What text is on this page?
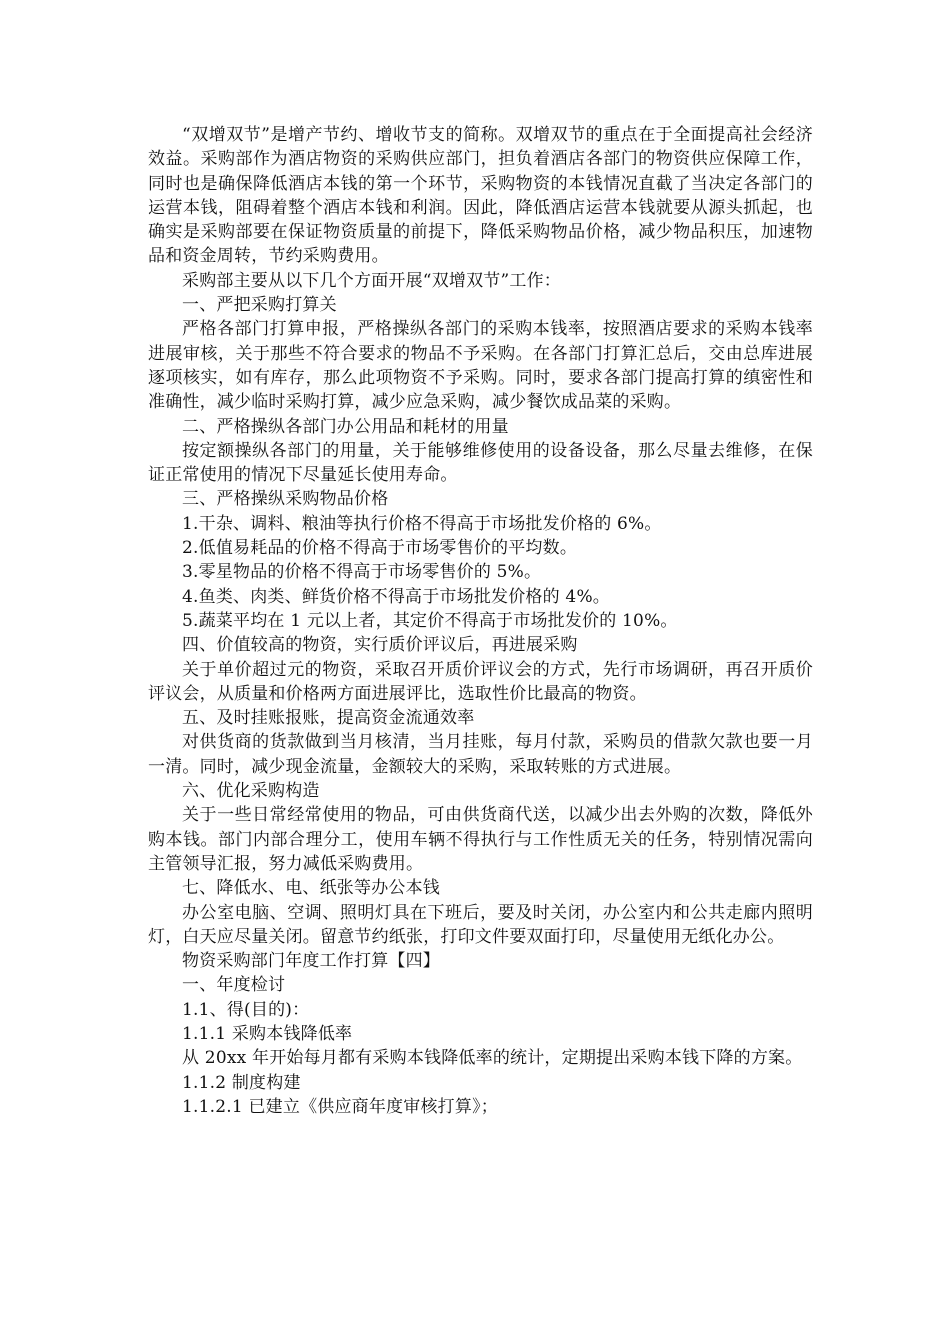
“双增双节”是增产节约、增收节支的简称。双增双节的重点在于全面提高社会经济效益。采购部作为酒店物资的采购供应部门，担负着酒店各部门的物资供应保障工作，同时也是确保降低酒店本钱的第一个环节，采购物资的本钱情况直截了当决定各部门的运营本钱，阻碍着整个酒店本钱和利润。因此，降低酒店运营本钱就要从源头抓起，也确实是采购部要在保证物资质量的前提下，降低采购物品价格，减少物品积压，加速物品和资金周转，节约采购费用。

采购部主要从以下几个方面开展“双增双节”工作：

一、严把采购打算关

严格各部门打算申报，严格操纵各部门的采购本钱率，按照酒店要求的采购本钱率进展审核，关于那些不符合要求的物品不予采购。在各部门打算汇总后，交由总库进展逐项核实，如有库存，那么此项物资不予采购。同时，要求各部门提高打算的缜密性和准确性，减少临时采购打算，减少应急采购，减少餐饮成品菜的采购。

二、严格操纵各部门办公用品和耗材的用量

按定额操纵各部门的用量，关于能够维修使用的设备设备，那么尽量去维修，在保证正常使用的情况下尽量延长使用寿命。

三、严格操纵采购物品价格

1.干杂、调料、粮油等执行价格不得高于市场批发价格的 6%。

2.低值易耗品的价格不得高于市场零售价的平均数。

3.零星物品的价格不得高于市场零售价的 5%。

4.鱼类、肉类、鲜货价格不得高于市场批发价格的 4%。

5.蔬菜平均在 1 元以上者，其定价不得高于市场批发价的 10%。

四、价值较高的物资，实行质价评议后，再进展采购

关于单价超过元的物资，采取召开质价评议会的方式，先行市场调研，再召开质价评议会，从质量和价格两方面进展评比，选取性价比最高的物资。

五、及时挂账报账，提高资金流通效率

对供货商的货款做到当月核清，当月挂账，每月付款，采购员的借款欠款也要一月一清。同时，减少现金流量，金额较大的采购，采取转账的方式进展。

六、优化采购构造

关于一些日常经常使用的物品，可由供货商代送，以减少出去外购的次数，降低外购本钱。部门内部合理分工，使用车辆不得执行与工作性质无关的任务，特别情况需向主管领导汇报，努力减低采购费用。

七、降低水、电、纸张等办公本钱

办公室电脑、空调、照明灯具在下班后，要及时关闭，办公室内和公共走廊内照明灯，白天应尽量关闭。留意节约纸张，打印文件要双面打印，尽量使用无纸化办公。

物资采购部门年度工作打算【四】

一、年度检讨

1.1、得(目的)：

1.1.1 采购本钱降低率

从 20xx 年开始每月都有采购本钱降低率的统计，定期提出采购本钱下降的方案。

1.1.2 制度构建

1.1.2.1 已建立《供应商年度审核打算》；
